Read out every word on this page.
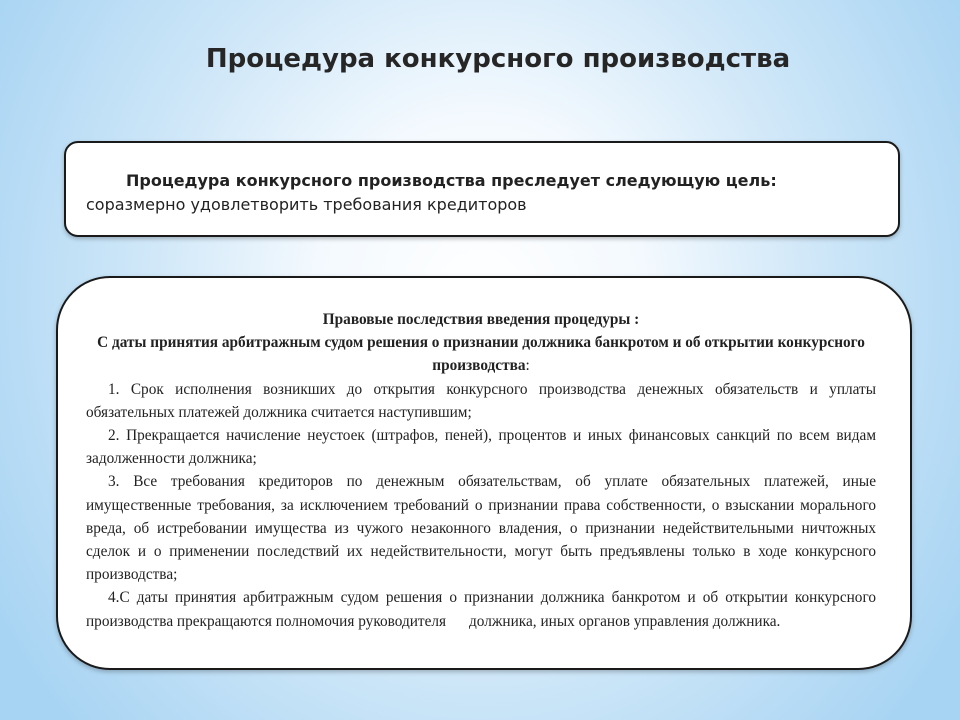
Процедура конкурсного производства
Процедура конкурсного производства преследует следующую цель:
соразмерно удовлетворить требования кредиторов
Правовые последствия введения процедуры :
С даты принятия арбитражным судом решения о признании должника банкротом и об открытии конкурсного производства:
1. Срок исполнения возникших до открытия конкурсного производства денежных обязательств и уплаты обязательных платежей должника считается наступившим;
2. Прекращается начисление неустоек (штрафов, пеней), процентов и иных финансовых санкций по всем видам задолженности должника;
3. Все требования кредиторов по денежным обязательствам, об уплате обязательных платежей, иные имущественные требования, за исключением требований о признании права собственности, о взыскании морального вреда, об истребовании имущества из чужого незаконного владения, о признании недействительными ничтожных сделок и о применении последствий их недействительности, могут быть предъявлены только в ходе конкурсного производства;
4.С даты принятия арбитражным судом решения о признании должника банкротом и об открытии конкурсного производства прекращаются полномочия руководителя      должника, иных органов управления должника.
